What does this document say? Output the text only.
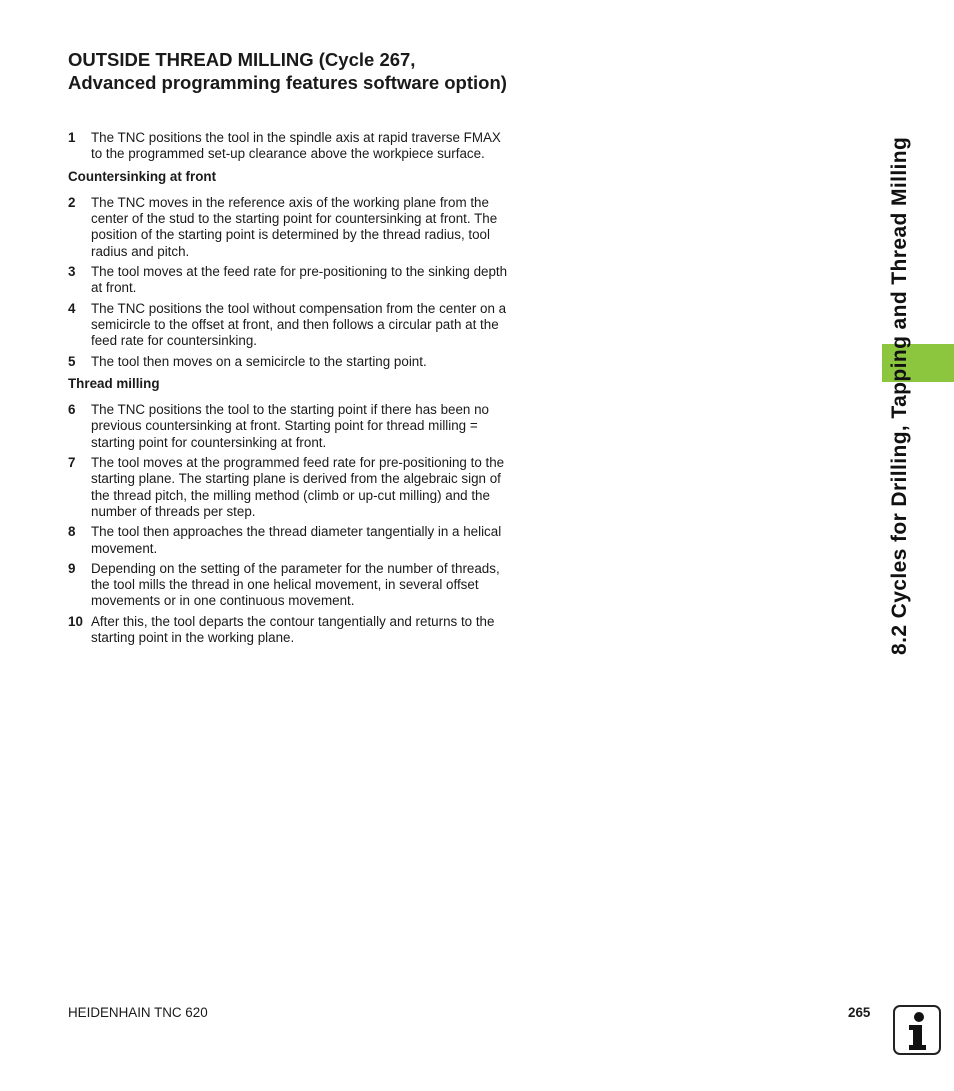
OUTSIDE THREAD MILLING (Cycle 267, Advanced programming features software option)
1 The TNC positions the tool in the spindle axis at rapid traverse FMAX to the programmed set-up clearance above the workpiece surface.
Countersinking at front
2 The TNC moves in the reference axis of the working plane from the center of the stud to the starting point for countersinking at front. The position of the starting point is determined by the thread radius, tool radius and pitch.
3 The tool moves at the feed rate for pre-positioning to the sinking depth at front.
4 The TNC positions the tool without compensation from the center on a semicircle to the offset at front, and then follows a circular path at the feed rate for countersinking.
5 The tool then moves on a semicircle to the starting point.
Thread milling
6 The TNC positions the tool to the starting point if there has been no previous countersinking at front. Starting point for thread milling = starting point for countersinking at front.
7 The tool moves at the programmed feed rate for pre-positioning to the starting plane. The starting plane is derived from the algebraic sign of the thread pitch, the milling method (climb or up-cut milling) and the number of threads per step.
8 The tool then approaches the thread diameter tangentially in a helical movement.
9 Depending on the setting of the parameter for the number of threads, the tool mills the thread in one helical movement, in several offset movements or in one continuous movement.
10 After this, the tool departs the contour tangentially and returns to the starting point in the working plane.	8.2 Cycles for Drilling, Tapping and Thread Milling
HEIDENHAIN TNC 620	265
